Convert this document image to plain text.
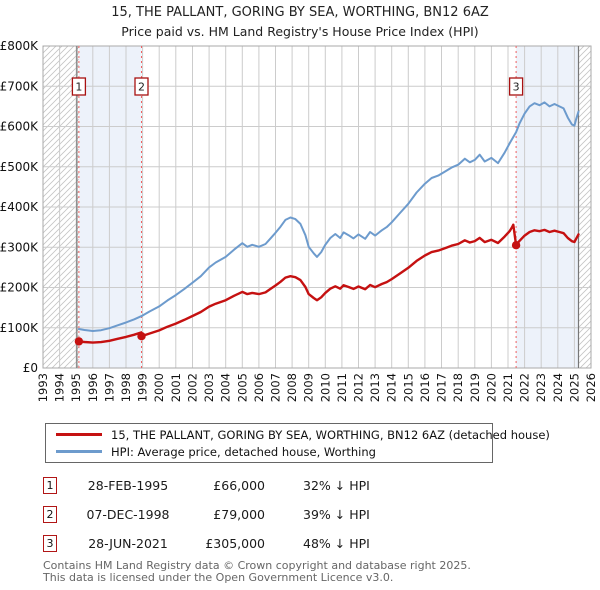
15, THE PALLANT, GORING BY SEA, WORTHING, BN12 6AZ
Price paid vs. HM Land Registry's House Price Index (HPI)
1	2	3
£0
£100K
£200K
£300K
£400K
£500K
£600K
£700K
£800K
1993 1994 1995 1996 1997 1998 1999 2000 2001 2002 2003 2004 2005 2006 2007 2008 2009 2010 2011 2012 2013 2014 2015 2016 2017 2018 2019 2020 2021 2022 2023 2024 2025 2026
15, THE PALLANT, GORING BY SEA, WORTHING, BN12 6AZ (detached house)
HPI: Average price, detached house, Worthing
1	28-FEB-1995	£66,000	32% ↓ HPI
2	07-DEC-1998	£79,000	39% ↓ HPI
3	28-JUN-2021	£305,000	48% ↓ HPI
Contains HM Land Registry data © Crown copyright and database right 2025.
This data is licensed under the Open Government Licence v3.0.
